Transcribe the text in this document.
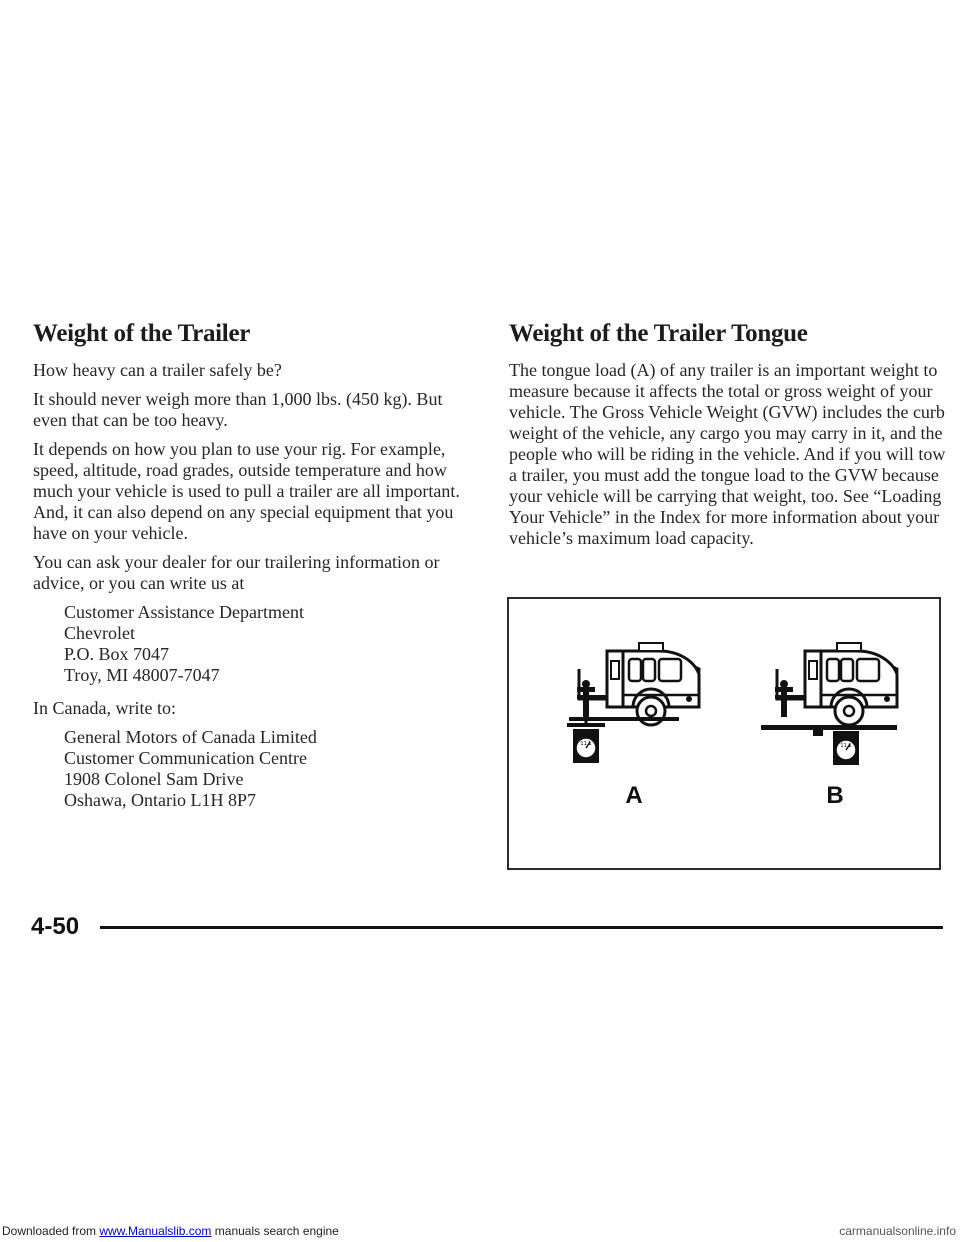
Weight of the Trailer

How heavy can a trailer safely be?

It should never weigh more than 1,000 lbs. (450 kg). But even that can be too heavy.

It depends on how you plan to use your rig. For example, speed, altitude, road grades, outside temperature and how much your vehicle is used to pull a trailer are all important. And, it can also depend on any special equipment that you have on your vehicle.

You can ask your dealer for our trailering information or advice, or you can write us at

Customer Assistance Department
Chevrolet
P.O. Box 7047
Troy, MI 48007-7047

In Canada, write to:

General Motors of Canada Limited
Customer Communication Centre
1908 Colonel Sam Drive
Oshawa, Ontario L1H 8P7
Weight of the Trailer Tongue

The tongue load (A) of any trailer is an important weight to measure because it affects the total or gross weight of your vehicle. The Gross Vehicle Weight (GVW) includes the curb weight of the vehicle, any cargo you may carry in it, and the people who will be riding in the vehicle. And if you will tow a trailer, you must add the tongue load to the GVW because your vehicle will be carrying that weight, too. See “Loading Your Vehicle” in the Index for more information about your vehicle’s maximum load capacity.

11 1
A	B
4-50
Downloaded from www.Manualslib.com manuals search engine	carmanualsonline.info
